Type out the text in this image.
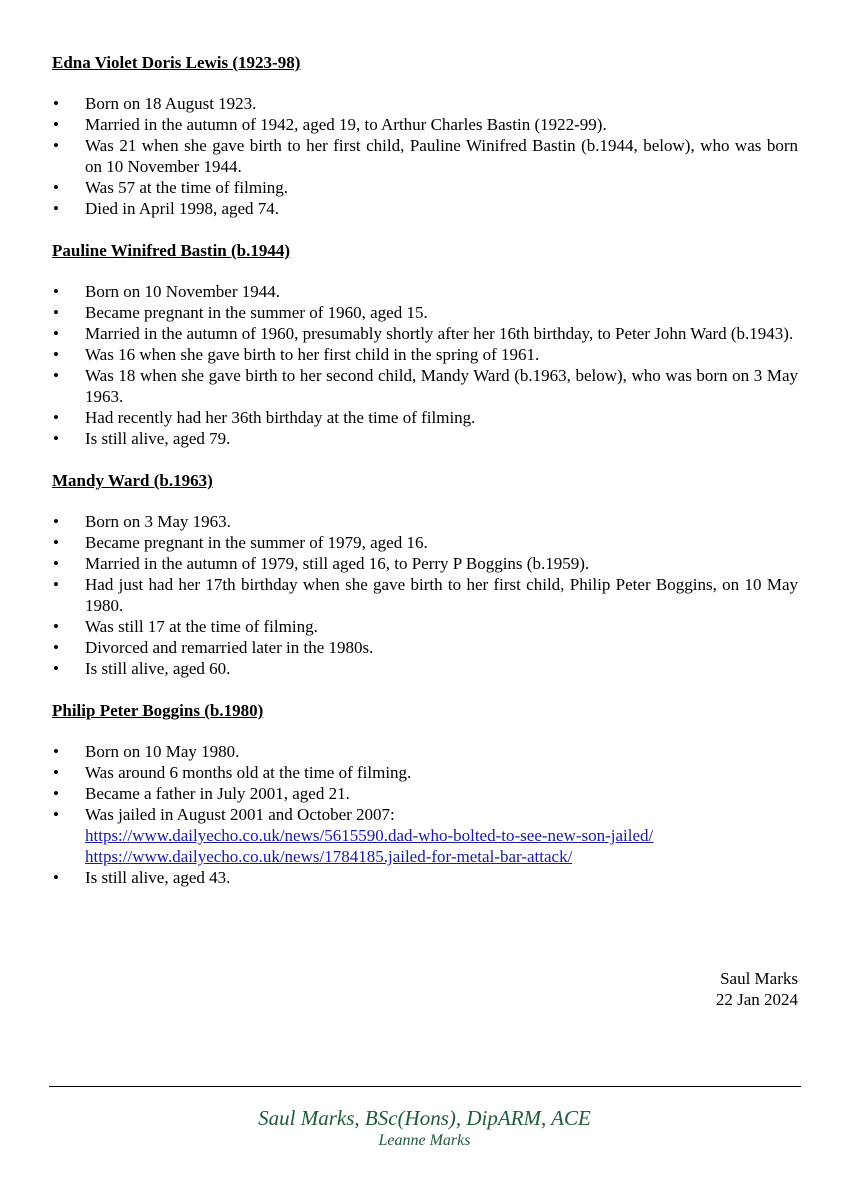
Edna Violet Doris Lewis (1923-98)
• Born on 18 August 1923.
• Married in the autumn of 1942, aged 19, to Arthur Charles Bastin (1922-99).
• Was 21 when she gave birth to her first child, Pauline Winifred Bastin (b.1944, below), who was born on 10 November 1944.
• Was 57 at the time of filming.
• Died in April 1998, aged 74.
Pauline Winifred Bastin (b.1944)
• Born on 10 November 1944.
• Became pregnant in the summer of 1960, aged 15.
• Married in the autumn of 1960, presumably shortly after her 16th birthday, to Peter John Ward (b.1943).
• Was 16 when she gave birth to her first child in the spring of 1961.
• Was 18 when she gave birth to her second child, Mandy Ward (b.1963, below), who was born on 3 May 1963.
• Had recently had her 36th birthday at the time of filming.
• Is still alive, aged 79.
Mandy Ward (b.1963)
• Born on 3 May 1963.
• Became pregnant in the summer of 1979, aged 16.
• Married in the autumn of 1979, still aged 16, to Perry P Boggins (b.1959).
• Had just had her 17th birthday when she gave birth to her first child, Philip Peter Boggins, on 10 May 1980.
• Was still 17 at the time of filming.
• Divorced and remarried later in the 1980s.
• Is still alive, aged 60.
Philip Peter Boggins (b.1980)
• Born on 10 May 1980.
• Was around 6 months old at the time of filming.
• Became a father in July 2001, aged 21.
• Was jailed in August 2001 and October 2007:
https://www.dailyecho.co.uk/news/5615590.dad-who-bolted-to-see-new-son-jailed/
https://www.dailyecho.co.uk/news/1784185.jailed-for-metal-bar-attack/
• Is still alive, aged 43.
Saul Marks
22 Jan 2024
Saul Marks, BSc(Hons), DipARM, ACE
Leanne Marks
